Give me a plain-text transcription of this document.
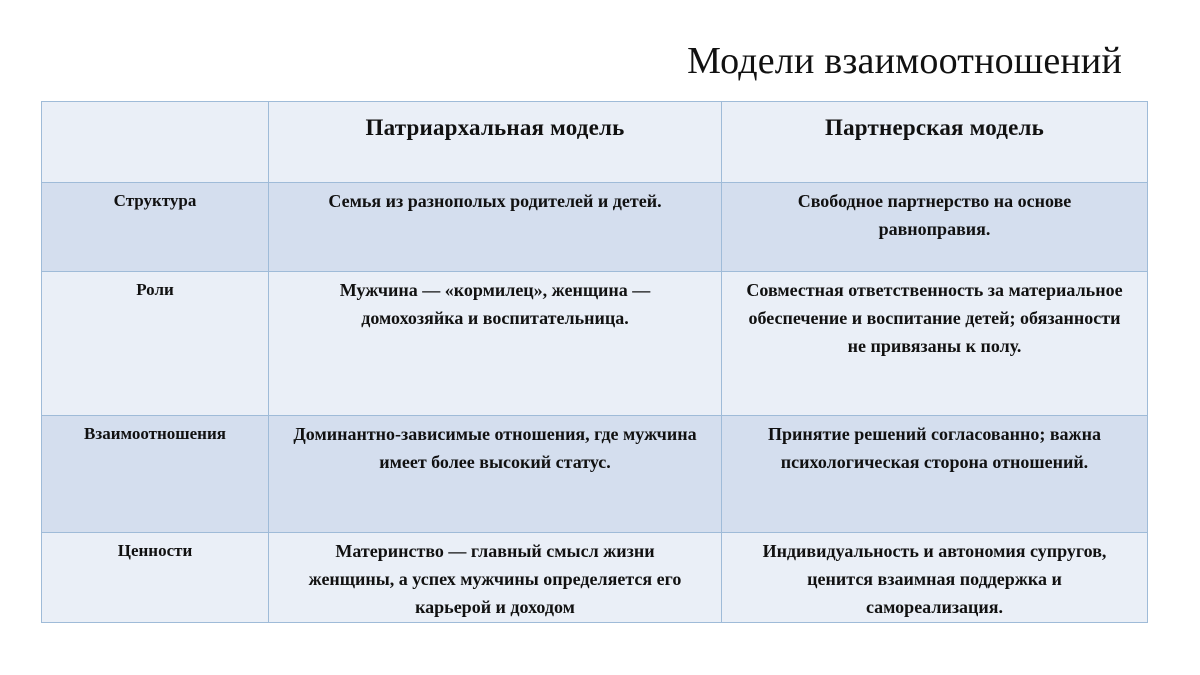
Модели взаимоотношений
	Патриархальная модель	Партнерская модель

Структура	Семья из разнополых родителей и детей.	Свободное партнерство на основе равноправия.

Роли	Мужчина — «кормилец», женщина — домохозяйка и воспитательница.	Совместная ответственность за материальное обеспечение и воспитание детей; обязанности не привязаны к полу.

Взаимоотношения	Доминантно-зависимые отношения, где мужчина имеет более высокий статус.	Принятие решений согласованно; важна психологическая сторона отношений.

Ценности	Материнство — главный смысл жизни женщины, а успех мужчины определяется его карьерой и доходом	Индивидуальность и автономия супругов, ценится взаимная поддержка и самореализация.
